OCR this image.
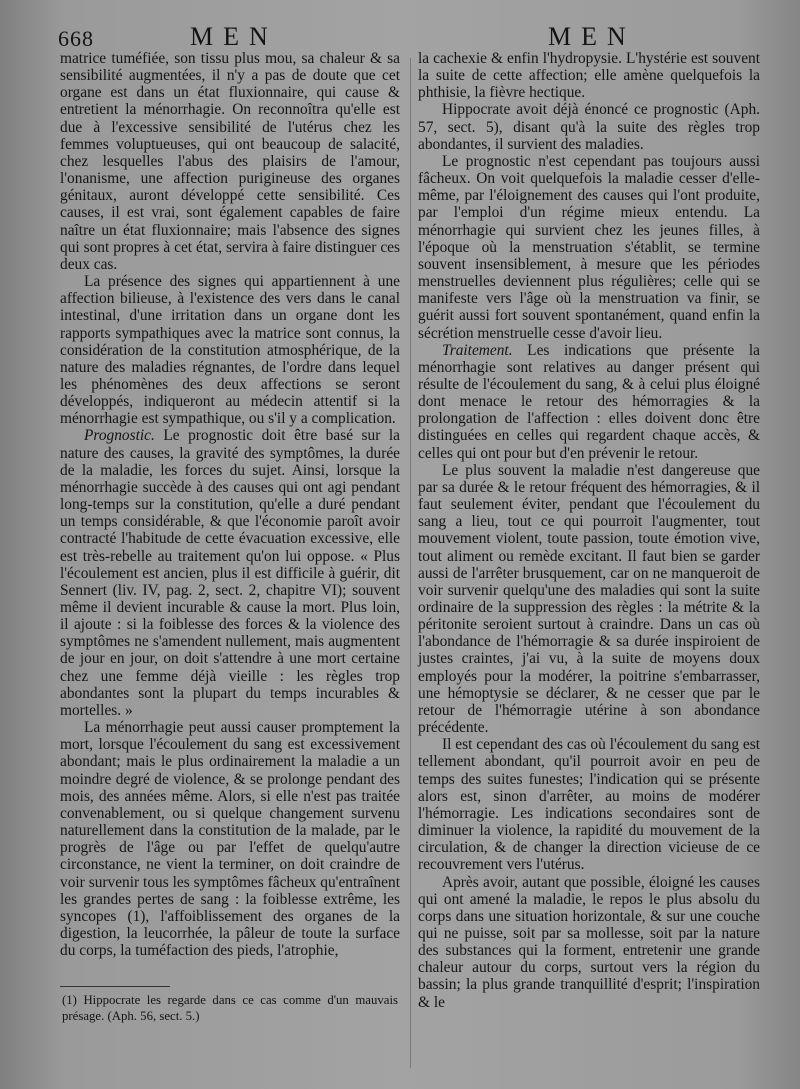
668	MEN	MEN

matrice tuméfiée, son tissu plus mou, sa chaleur & sa sensibilité augmentées, il n'y a pas de doute que cet organe est dans un état fluxionnaire, qui cause & entretient la ménorrhagie. On reconnoîtra qu'elle est due à l'excessive sensibilité de l'utérus chez les femmes voluptueuses, qui ont beaucoup de salacité, chez lesquelles l'abus des plaisirs de l'amour, l'onanisme, une affection purigineuse des organes génitaux, auront développé cette sensibilité. Ces causes, il est vrai, sont également capables de faire naître un état fluxionnaire; mais l'absence des signes qui sont propres à cet état, servira à faire distinguer ces deux cas.

La présence des signes qui appartiennent à une affection bilieuse, à l'existence des vers dans le canal intestinal, d'une irritation dans un organe dont les rapports sympathiques avec la matrice sont connus, la considération de la constitution atmosphérique, de la nature des maladies régnantes, de l'ordre dans lequel les phénomènes des deux affections se seront développés, indiqueront au médecin attentif si la ménorrhagie est sympathique, ou s'il y a complication.

Prognostic. Le prognostic doit être basé sur la nature des causes, la gravité des symptômes, la durée de la maladie, les forces du sujet. Ainsi, lorsque la ménorrhagie succède à des causes qui ont agi pendant long-temps sur la constitution, qu'elle a duré pendant un temps considérable, & que l'économie paroît avoir contracté l'habitude de cette évacuation excessive, elle est très-rebelle au traitement qu'on lui oppose. « Plus l'écoulement est ancien, plus il est difficile à guérir, dit Sennert (liv. IV, pag. 2, sect. 2, chapitre VI); souvent même il devient incurable & cause la mort. Plus loin, il ajoute : si la foiblesse des forces & la violence des symptômes ne s'amendent nullement, mais augmentent de jour en jour, on doit s'attendre à une mort certaine chez une femme déjà vieille : les règles trop abondantes sont la plupart du temps incurables & mortelles. »

La ménorrhagie peut aussi causer promptement la mort, lorsque l'écoulement du sang est excessivement abondant; mais le plus ordinairement la maladie a un moindre degré de violence, & se prolonge pendant des mois, des années même. Alors, si elle n'est pas traitée convenablement, ou si quelque changement survenu naturellement dans la constitution de la malade, par le progrès de l'âge ou par l'effet de quelqu'autre circonstance, ne vient la terminer, on doit craindre de voir survenir tous les symptômes fâcheux qu'entraînent les grandes pertes de sang : la foiblesse extrême, les syncopes (1), l'affoiblissement des organes de la digestion, la leucorrhée, la pâleur de toute la surface du corps, la tuméfaction des pieds, l'atrophie,

la cachexie & enfin l'hydropysie. L'hystérie est souvent la suite de cette affection; elle amène quelquefois la phthisie, la fièvre hectique.

Hippocrate avoit déjà énoncé ce prognostic (Aph. 57, sect. 5), disant qu'à la suite des règles trop abondantes, il survient des maladies.

Le prognostic n'est cependant pas toujours aussi fâcheux. On voit quelquefois la maladie cesser d'elle-même, par l'éloignement des causes qui l'ont produite, par l'emploi d'un régime mieux entendu. La ménorrhagie qui survient chez les jeunes filles, à l'époque où la menstruation s'établit, se termine souvent insensiblement, à mesure que les périodes menstruelles deviennent plus régulières; celle qui se manifeste vers l'âge où la menstruation va finir, se guérit aussi fort souvent spontanément, quand enfin la sécrétion menstruelle cesse d'avoir lieu.

Traitement. Les indications que présente la ménorrhagie sont relatives au danger présent qui résulte de l'écoulement du sang, & à celui plus éloigné dont menace le retour des hémorragies & la prolongation de l'affection : elles doivent donc être distinguées en celles qui regardent chaque accès, & celles qui ont pour but d'en prévenir le retour.

Le plus souvent la maladie n'est dangereuse que par sa durée & le retour fréquent des hémorragies, & il faut seulement éviter, pendant que l'écoulement du sang a lieu, tout ce qui pourroit l'augmenter, tout mouvement violent, toute passion, toute émotion vive, tout aliment ou remède excitant. Il faut bien se garder aussi de l'arrêter brusquement, car on ne manqueroit de voir survenir quelqu'une des maladies qui sont la suite ordinaire de la suppression des règles : la métrite & la péritonite seroient surtout à craindre. Dans un cas où l'abondance de l'hémorragie & sa durée inspiroient de justes craintes, j'ai vu, à la suite de moyens doux employés pour la modérer, la poitrine s'embarrasser, une hémoptysie se déclarer, & ne cesser que par le retour de l'hémorragie utérine à son abondance précédente.

Il est cependant des cas où l'écoulement du sang est tellement abondant, qu'il pourroit avoir en peu de temps des suites funestes; l'indication qui se présente alors est, sinon d'arrêter, au moins de modérer l'hémorragie. Les indications secondaires sont de diminuer la violence, la rapidité du mouvement de la circulation, & de changer la direction vicieuse de ce recouvrement vers l'utérus.

Après avoir, autant que possible, éloigné les causes qui ont amené la maladie, le repos le plus absolu du corps dans une situation horizontale, & sur une couche qui ne puisse, soit par sa mollesse, soit par la nature des substances qui la forment, entretenir une grande chaleur autour du corps, surtout vers la région du bassin; la plus grande tranquillité d'esprit; l'inspiration & le

(1) Hippocrate les regarde dans ce cas comme d'un mauvais présage. (Aph. 56, sect. 5.)
